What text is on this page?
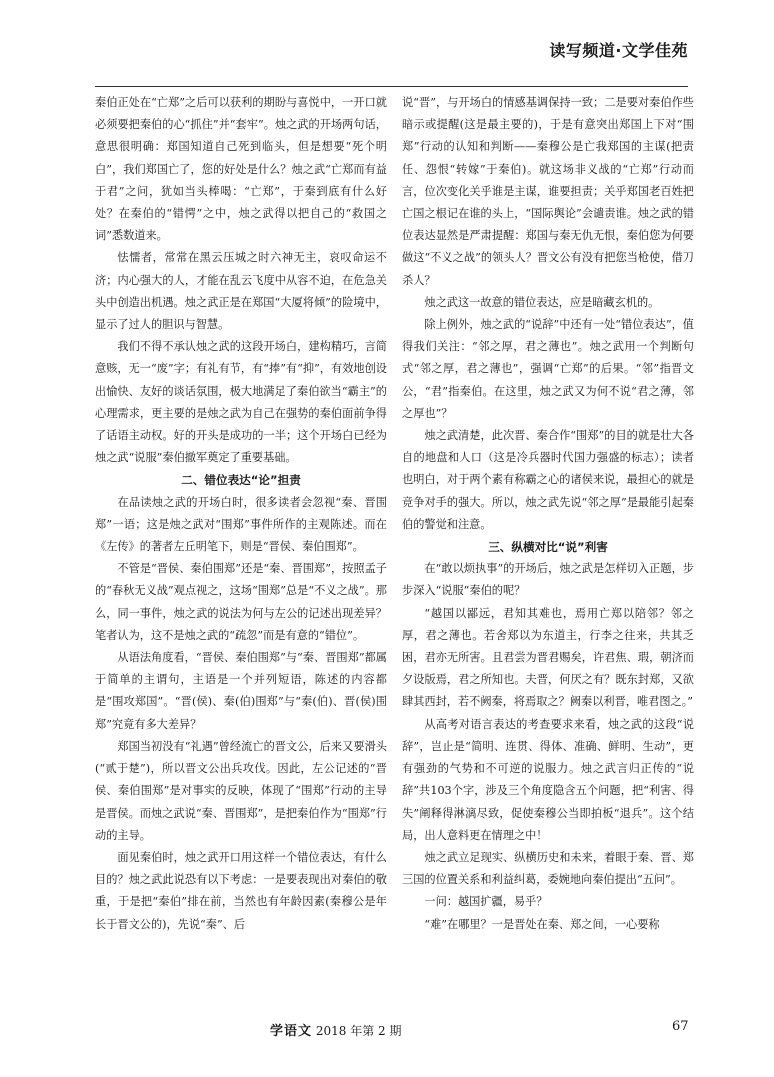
读写频道·文学佳苑

秦伯正处在“亡郑”之后可以获利的期盼与喜悦中，一开口就必须要把秦伯的心“抓住”并“套牢”。烛之武的开场两句话，意思很明确：郑国知道自己死到临头，但是想要“死个明白”，我们郑国亡了，您的好处是什么？烛之武“亡郑而有益于君”之问，犹如当头棒喝：“亡郑”，于秦到底有什么好处？在秦伯的“错愕”之中，烛之武得以把自己的“救国之词”悉数道来。

怯懦者，常常在黑云压城之时六神无主，哀叹命运不济；内心强大的人，才能在乱云飞度中从容不迫，在危急关头中创造出机遇。烛之武正是在郑国“大厦将倾”的险境中，显示了过人的胆识与智慧。

我们不得不承认烛之武的这段开场白，建构精巧，言简意赅，无一“废”字；有礼有节，有“捧”有“抑”，有效地创设出愉快、友好的谈话氛围，极大地满足了秦伯欲当“霸主”的心理需求，更主要的是烛之武为自己在强势的秦伯面前争得了话语主动权。好的开头是成功的一半；这个开场白已经为烛之武“说服”秦伯撤军奠定了重要基础。

二、错位表达“论”担责

在品读烛之武的开场白时，很多读者会忽视“秦、晋围郑”一语；这是烛之武对“围郑”事件所作的主观陈述。而在《左传》的著者左丘明笔下，则是“晋侯、秦伯围郑”。

不管是“晋侯、秦伯围郑”还是“秦、晋围郑”，按照孟子的“春秋无义战”观点视之，这场“围郑”总是“不义之战”。那么，同一事件，烛之武的说法为何与左公的记述出现差异？笔者认为，这不是烛之武的“疏忽”而是有意的“错位”。

从语法角度看，“晋侯、秦伯围郑”与“秦、晋围郑”都属于简单的主谓句，主语是一个并列短语，陈述的内容都是“围攻郑国”。“晋(侯)、秦(伯)围郑”与“秦(伯)、晋(侯)围郑”究竟有多大差异？

郑国当初没有“礼遇”曾经流亡的晋文公，后来又要滑头(“贰于楚”)，所以晋文公出兵攻伐。因此，左公记述的“晋侯、秦伯围郑”是对事实的反映，体现了“围郑”行动的主导是晋侯。而烛之武说“秦、晋围郑”，是把秦伯作为“围郑”行动的主导。

面见秦伯时，烛之武开口用这样一个错位表达，有什么目的？烛之武此说恐有以下考虑：一是要表现出对秦伯的敬重，于是把“秦伯”排在前，当然也有年龄因素(秦穆公是年长于晋文公的)，先说“秦”、后

说“晋”，与开场白的情感基调保持一致；二是要对秦伯作些暗示或提醒(这是最主要的)，于是有意突出郑国上下对“围郑”行动的认知和判断——秦穆公是亡我郑国的主谋(把责任、怨恨“转嫁”于秦伯)。就这场非义战的“亡郑”行动而言，位次变化关乎谁是主谋，谁要担责；关乎郑国老百姓把亡国之根记在谁的头上，“国际舆论”会谴责谁。烛之武的错位表达显然是严肃提醒：郑国与秦无仇无恨，秦伯您为何要做这“不义之战”的领头人？晋文公有没有把您当枪使，借刀杀人？

烛之武这一故意的错位表达，应是暗藏玄机的。

除上例外，烛之武的“说辞”中还有一处“错位表达”，值得我们关注：“邻之厚，君之薄也”。烛之武用一个判断句式“邻之厚，君之薄也”，强调“亡郑”的后果。“邻”指晋文公，“君”指秦伯。在这里，烛之武又为何不说“君之薄，邻之厚也”？

烛之武清楚，此次晋、秦合作“围郑”的目的就是壮大各自的地盘和人口（这是冷兵器时代国力强盛的标志）；读者也明白，对于两个素有称霸之心的诸侯来说，最担心的就是竞争对手的强大。所以，烛之武先说“邻之厚”是最能引起秦伯的警觉和注意。

三、纵横对比“说”利害

在“敢以烦执事”的开场后，烛之武是怎样切入正题，步步深入“说服”秦伯的呢？

“越国以鄙远，君知其难也，焉用亡郑以陪邻？邻之厚，君之薄也。若舍郑以为东道主，行李之往来，共其乏困，君亦无所害。且君尝为晋君赐矣，许君焦、瑕，朝济而夕设版焉，君之所知也。夫晋，何厌之有？既东封郑，又欲肆其西封，若不阙秦，将焉取之？阙秦以利晋，唯君图之。”

从高考对语言表达的考查要求来看，烛之武的这段“说辞”，岂止是“简明、连贯、得体、准确、鲜明、生动”，更有强劲的气势和不可逆的说服力。烛之武言归正传的“说辞”共103个字，涉及三个角度隐含五个问题，把“利害、得失”阐释得淋漓尽致，促使秦穆公当即拍板“退兵”。这个结局，出人意料更在情理之中！

烛之武立足现实、纵横历史和未来，着眼于秦、晋、郑三国的位置关系和利益纠葛，委婉地向秦伯提出“五问”。

一问：越国扩疆，易乎？

“难”在哪里？一是晋处在秦、郑之间，一心要称

学语文 2018 年第 2 期	67
